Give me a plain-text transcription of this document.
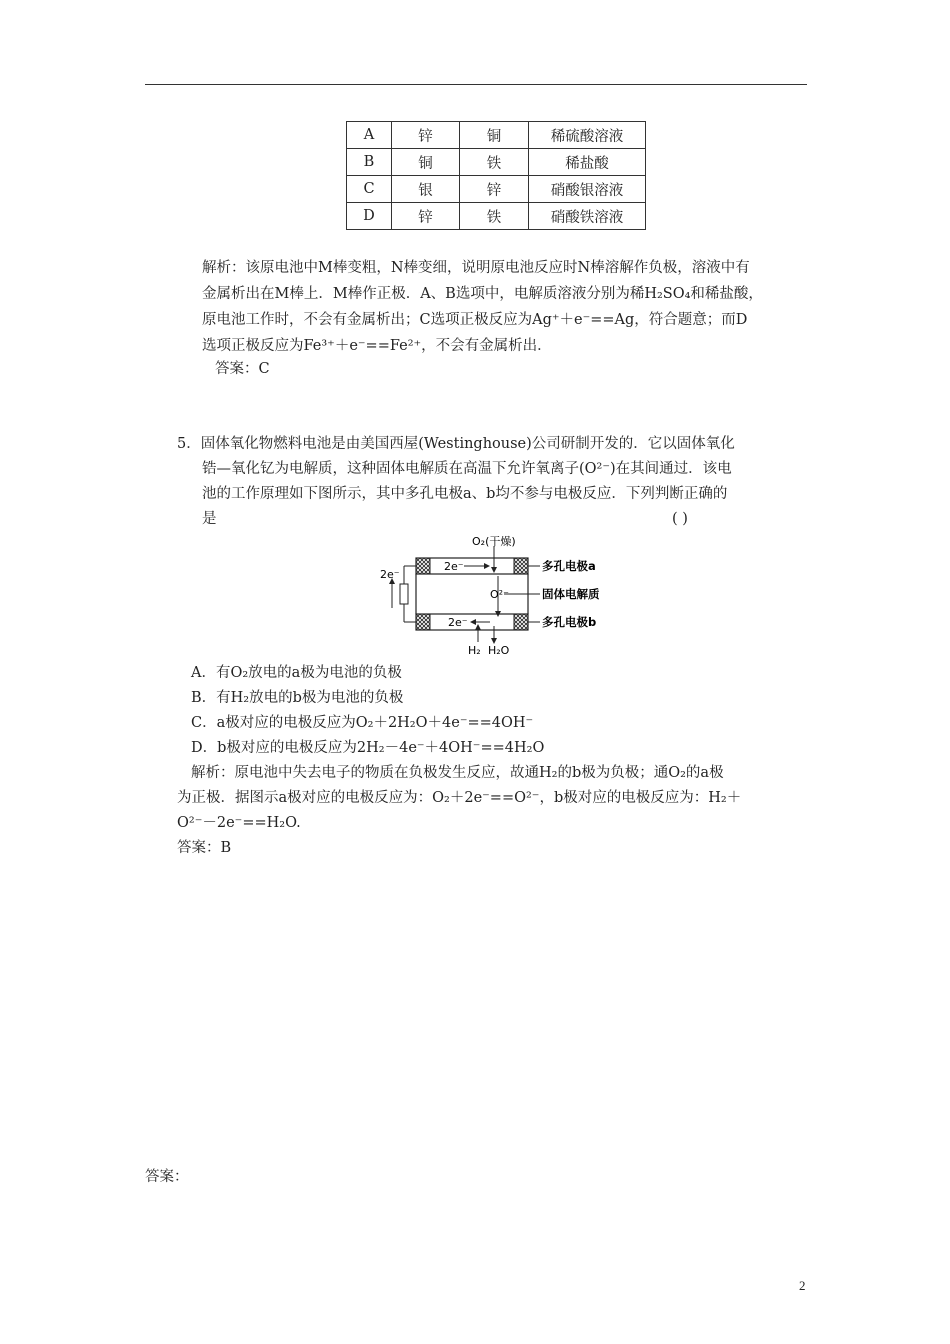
A	锌	铜	稀硫酸溶液
B	铜	铁	稀盐酸
C	银	锌	硝酸银溶液
D	锌	铁	硝酸铁溶液
解析：该原电池中M棒变粗，N棒变细，说明原电池反应时N棒溶解作负极，溶液中有
金属析出在M棒上．M棒作正极．A、B选项中，电解质溶液分别为稀H₂SO₄和稀盐酸，
原电池工作时，不会有金属析出；C选项正极反应为Ag⁺＋e⁻==Ag，符合题意；而D
选项正极反应为Fe³⁺＋e⁻==Fe²⁺，不会有金属析出．
答案：C
5．固体氧化物燃料电池是由美国西屋(Westinghouse)公司研制开发的．它以固体氧化
锆—氧化钇为电解质，这种固体电解质在高温下允许氧离子(O²⁻)在其间通过．该电
池的工作原理如下图所示，其中多孔电极a、b均不参与电极反应．下列判断正确的
是	( )
O₂(干燥)
2e⁻
2e⁻
2e⁻
O²⁻
多孔电极a
固体电解质
多孔电极b
H₂ H₂O
A．有O₂放电的a极为电池的负极
B．有H₂放电的b极为电池的负极
C．a极对应的电极反应为O₂＋2H₂O＋4e⁻==4OH⁻
D．b极对应的电极反应为2H₂－4e⁻＋4OH⁻==4H₂O
解析：原电池中失去电子的物质在负极发生反应，故通H₂的b极为负极；通O₂的a极
为正极．据图示a极对应的电极反应为：O₂＋2e⁻==O²⁻，b极对应的电极反应为：H₂＋
O²⁻－2e⁻==H₂O.
答案：B
答案：
2
